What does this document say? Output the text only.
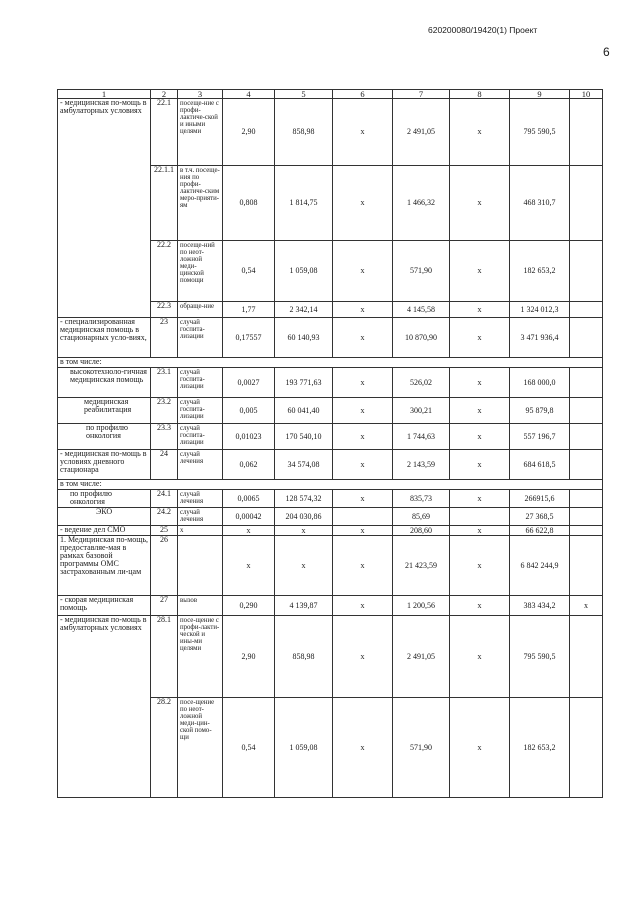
620200080/19420(1) Проект
6
1	2	3	4	5	6	7	8	9	10
- медицинская по-мощь в амбулаторных условиях	22.1	посеще-ние с профи-лактиче-ской и иными целями	2,90	858,98	x	2 491,05	x	795 590,5	
	22.1.1	в т.ч. посеще-ния по профи-лактиче-ским меро-прияти-ям	0,808	1 814,75	x	1 466,32	x	468 310,7	
	22.2	посеще-ний по неот-ложной меди-цинской помощи	0,54	1 059,08	x	571,90	x	182 653,2	
	22.3	обраще-ние	1,77	2 342,14	x	4 145,58	x	1 324 012,3	
- специализированная медицинская помощь в стационарных усло-виях,	23	случай госпита-лизации	0,17557	60 140,93	x	10 870,90	x	3 471 936,4	
в том числе:									
высокотехноло-гичная медицинская помощь	23.1	случай госпита-лизации	0,0027	193 771,63	x	526,02	x	168 000,0	
медицинская реабилитация	23.2	случай госпита-лизации	0,005	60 041,40	x	300,21	x	95 879,8	
по профилю онкология	23.3	случай госпита-лизации	0,01023	170 540,10	x	1 744,63	x	557 196,7	
- медицинская по-мощь в условиях дневного стационара	24	случай лечения	0,062	34 574,08	x	2 143,59	x	684 618,5	
в том числе:									
по профилю онкология	24.1	случай лечения	0,0065	128 574,32	x	835,73	x	266915,6	
ЭКО	24.2	случай лечения	0,00042	204 030,86		85,69		27 368,5	
- ведение дел СМО	25	x	x	x	x	208,60	x	66 622,8	
1. Медицинская по-мощь, предоставляе-мая в рамках базовой программы ОМС застрахованным ли-цам	26		x	x	x	21 423,59	x	6 842 244,9	
- скорая медицинская помощь	27	вызов	0,290	4 139,87	x	1 200,56	x	383 434,2	x
- медицинская по-мощь в амбулаторных условиях	28.1	посе-щение с профи-лакти-ческой и ины-ми целями	2,90	858,98	x	2 491,05	x	795 590,5	
	28.2	посе-щение по неот-ложной меди-цин-ской помо-щи	0,54	1 059,08	x	571,90	x	182 653,2	
